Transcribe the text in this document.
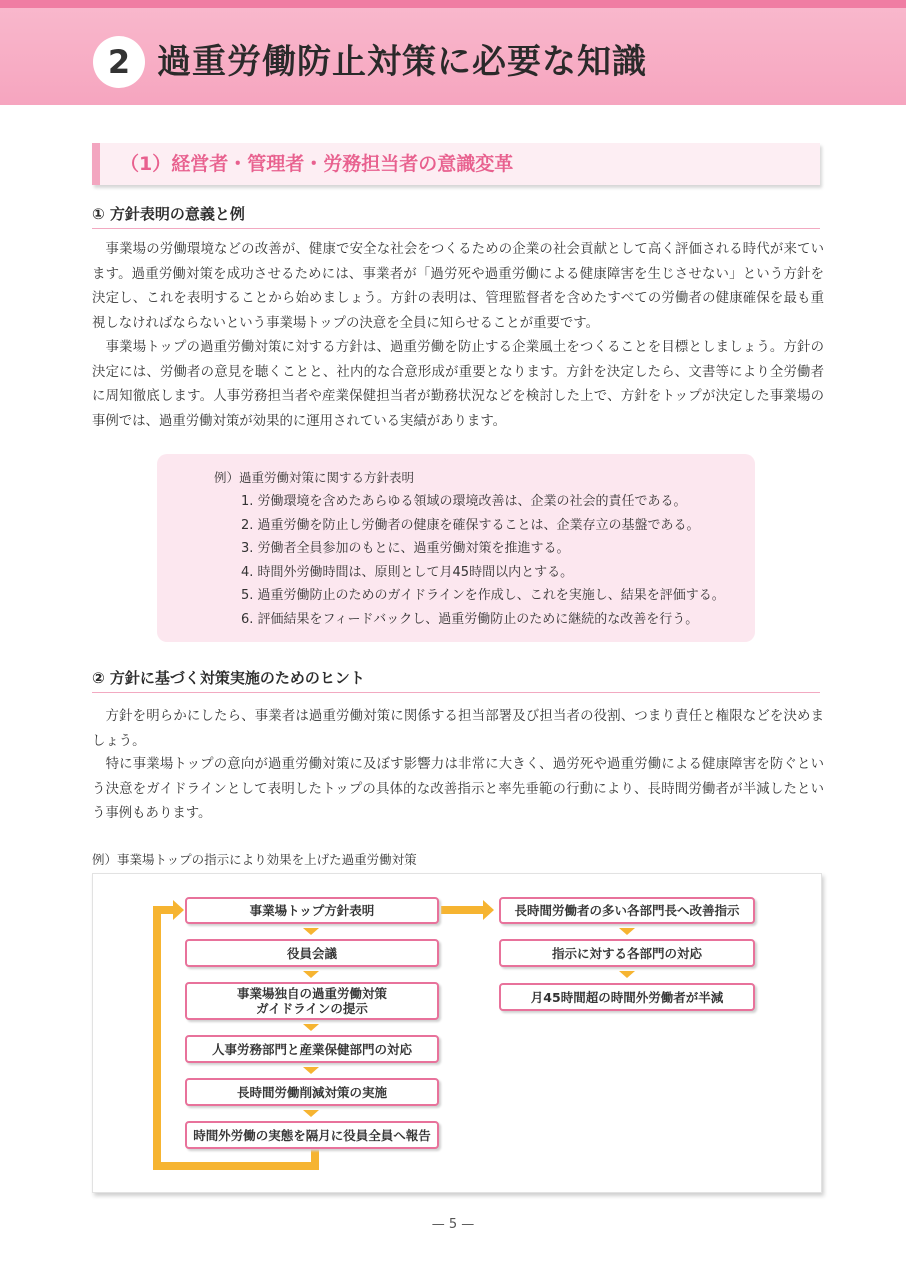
2 過重労働防止対策に必要な知識
（1）経営者・管理者・労務担当者の意識変革
① 方針表明の意義と例

　事業場の労働環境などの改善が、健康で安全な社会をつくるための企業の社会貢献として高く評価される時代が来ています。過重労働対策を成功させるためには、事業者が「過労死や過重労働による健康障害を生じさせない」という方針を決定し、これを表明することから始めましょう。方針の表明は、管理監督者を含めたすべての労働者の健康確保を最も重視しなければならないという事業場トップの決意を全員に知らせることが重要です。

　事業場トップの過重労働対策に対する方針は、過重労働を防止する企業風土をつくることを目標としましょう。方針の決定には、労働者の意見を聴くことと、社内的な合意形成が重要となります。方針を決定したら、文書等により全労働者に周知徹底します。人事労務担当者や産業保健担当者が勤務状況などを検討した上で、方針をトップが決定した事業場の事例では、過重労働対策が効果的に運用されている実績があります。

例）過重労働対策に関する方針表明
1. 労働環境を含めたあらゆる領域の環境改善は、企業の社会的責任である。
2. 過重労働を防止し労働者の健康を確保することは、企業存立の基盤である。
3. 労働者全員参加のもとに、過重労働対策を推進する。
4. 時間外労働時間は、原則として月45時間以内とする。
5. 過重労働防止のためのガイドラインを作成し、これを実施し、結果を評価する。
6. 評価結果をフィードバックし、過重労働防止のために継続的な改善を行う。
② 方針に基づく対策実施のためのヒント

　方針を明らかにしたら、事業者は過重労働対策に関係する担当部署及び担当者の役割、つまり責任と権限などを決めましょう。

　特に事業場トップの意向が過重労働対策に及ぼす影響力は非常に大きく、過労死や過重労働による健康障害を防ぐという決意をガイドラインとして表明したトップの具体的な改善指示と率先垂範の行動により、長時間労働者が半減したという事例もあります。

例）事業場トップの指示により効果を上げた過重労働対策
事業場トップ方針表明
役員会議
事業場独自の過重労働対策
ガイドラインの提示
人事労務部門と産業保健部門の対応
長時間労働削減対策の実施
時間外労働の実態を隔月に役員全員へ報告
長時間労働者の多い各部門長へ改善指示
指示に対する各部門の対応
月45時間超の時間外労働者が半減
— 5 —
